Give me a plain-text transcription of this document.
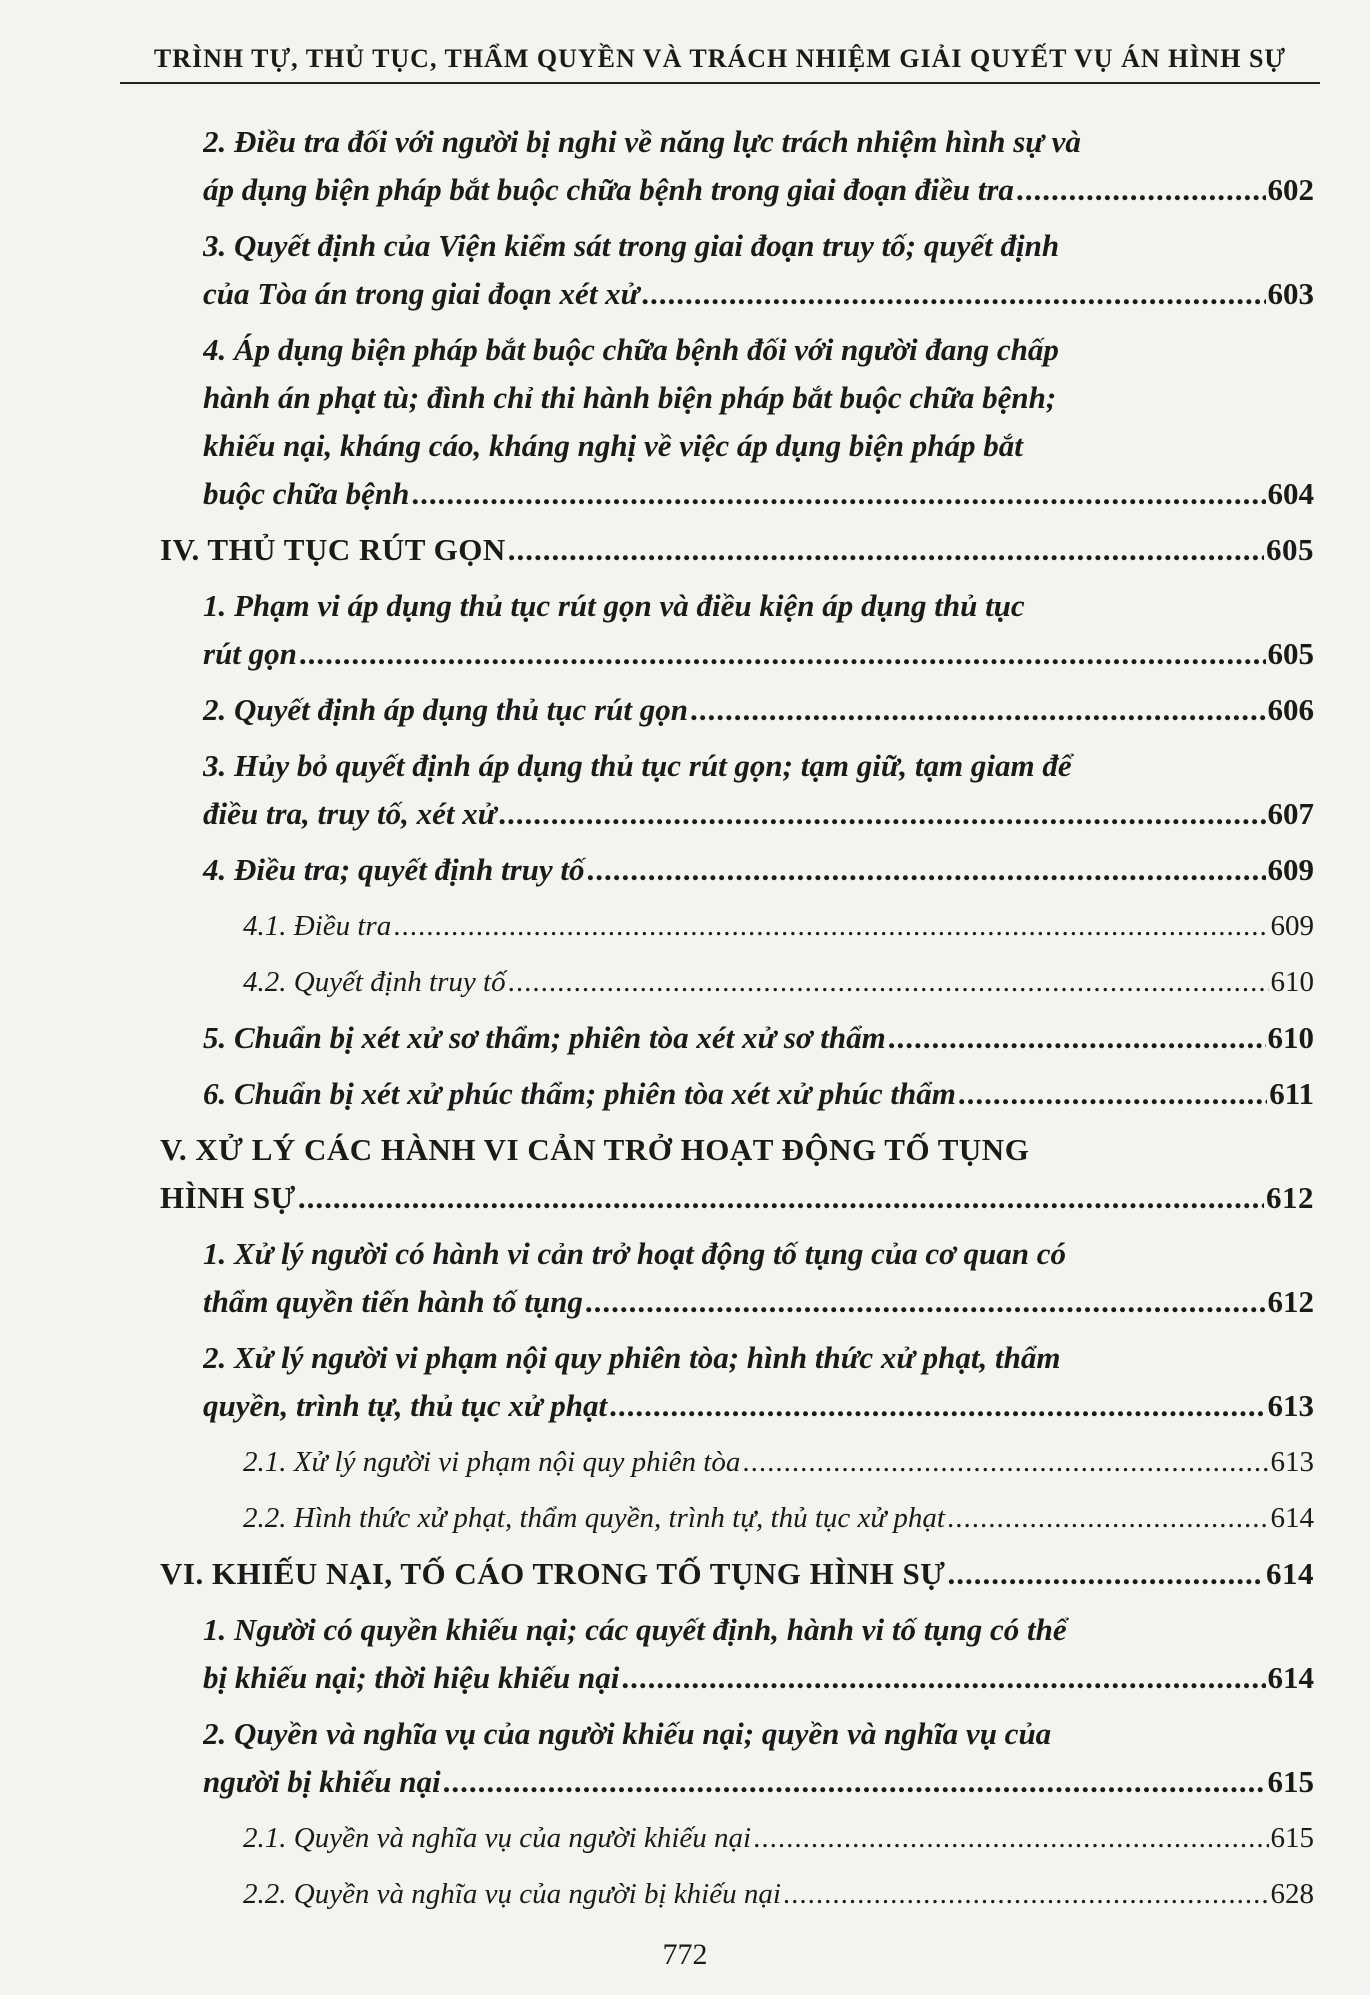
TRÌNH TỰ, THỦ TỤC, THẨM QUYỀN VÀ TRÁCH NHIỆM GIẢI QUYẾT VỤ ÁN HÌNH SỰ
2. Điều tra đối với người bị nghi về năng lực trách nhiệm hình sự và
áp dụng biện pháp bắt buộc chữa bệnh trong giai đoạn điều tra .....	602
3. Quyết định của Viện kiểm sát trong giai đoạn truy tố; quyết định
của Tòa án trong giai đoạn xét xử .....	603
4. Áp dụng biện pháp bắt buộc chữa bệnh đối với người đang chấp
hành án phạt tù; đình chỉ thi hành biện pháp bắt buộc chữa bệnh;
khiếu nại, kháng cáo, kháng nghị về việc áp dụng biện pháp bắt
buộc chữa bệnh .....	604
IV. THỦ TỤC RÚT GỌN .....	605
1. Phạm vi áp dụng thủ tục rút gọn và điều kiện áp dụng thủ tục
rút gọn .....	605
2. Quyết định áp dụng thủ tục rút gọn .....	606
3. Hủy bỏ quyết định áp dụng thủ tục rút gọn; tạm giữ, tạm giam để
điều tra, truy tố, xét xử .....	607
4. Điều tra; quyết định truy tố .....	609
4.1. Điều tra .....	609
4.2. Quyết định truy tố .....	610
5. Chuẩn bị xét xử sơ thẩm; phiên tòa xét xử sơ thẩm .....	610
6. Chuẩn bị xét xử phúc thẩm; phiên tòa xét xử phúc thẩm .....	611
V. XỬ LÝ CÁC HÀNH VI CẢN TRỞ HOẠT ĐỘNG TỐ TỤNG
HÌNH SỰ .....	612
1. Xử lý người có hành vi cản trở hoạt động tố tụng của cơ quan có
thẩm quyền tiến hành tố tụng .....	612
2. Xử lý người vi phạm nội quy phiên tòa; hình thức xử phạt, thẩm
quyền, trình tự, thủ tục xử phạt .....	613
2.1. Xử lý người vi phạm nội quy phiên tòa .....	613
2.2. Hình thức xử phạt, thẩm quyền, trình tự, thủ tục xử phạt .....	614
VI. KHIẾU NẠI, TỐ CÁO TRONG TỐ TỤNG HÌNH SỰ .....	614
1. Người có quyền khiếu nại; các quyết định, hành vi tố tụng có thể
bị khiếu nại; thời hiệu khiếu nại .....	614
2. Quyền và nghĩa vụ của người khiếu nại; quyền và nghĩa vụ của
người bị khiếu nại .....	615
2.1. Quyền và nghĩa vụ của người khiếu nại .....	615
2.2. Quyền và nghĩa vụ của người bị khiếu nại .....	628
772
